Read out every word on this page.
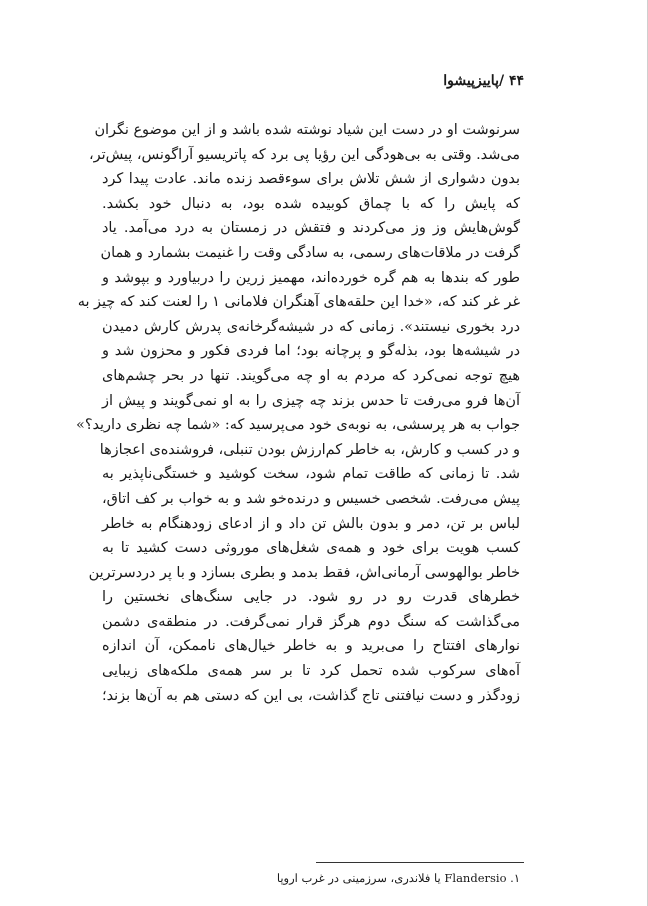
۴۴ /پاییزپیشوا
سرنوشت او در دست این شیاد نوشته شده باشد و از این موضوع نگران
می‌شد. وقتی به بی‌هودگی این رؤیا پی برد که پاتریسیو آراگونس، پیش‌تر،
بدون دشواری از شش تلاش برای سوءقصد زنده ماند. عادت پیدا کرد
که پایش را که با چماق کوبیده شده بود، به دنبال خود بکشد.
گوش‌هایش وز وز می‌کردند و فتقش در زمستان به درد می‌آمد. یاد
گرفت در ملاقات‌های رسمی، به سادگی وقت را غنیمت بشمارد و همان
طور که بندها به هم گره خورده‌اند، مهمیز زرین را دربیاورد و بپوشد و
غر غر کند که، «خدا این حلقه‌های آهنگران فلامانی ۱ را لعنت کند که چیز به
درد بخوری نیستند». زمانی که در شیشه‌گرخانه‌ی پدرش کارش دمیدن
در شیشه‌ها بود، بذله‌گو و پرچانه بود؛ اما فردی فکور و محزون شد و
هیچ توجه نمی‌کرد که مردم به او چه می‌گویند. تنها در بحر چشم‌های
آن‌ها فرو می‌رفت تا حدس بزند چه چیزی را به او نمی‌گویند و پیش از
جواب به هر پرسشی، به نوبه‌ی خود می‌پرسید که: «شما چه نظری دارید؟»
و در کسب و کارش، به خاطر کم‌ارزش بودن تنبلی، فروشنده‌ی اعجازها
شد. تا زمانی که طاقت تمام شود، سخت کوشید و خستگی‌ناپذیر به
پیش می‌رفت. شخصی خسیس و درنده‌خو شد و به خواب بر کف اتاق،
لباس بر تن، دمر و بدون بالش تن داد و از ادعای زودهنگام به خاطر
کسب هویت برای خود و همه‌ی شغل‌های موروثی دست کشید تا به
خاطر بوالهوسی آرمانی‌اش، فقط بدمد و بطری بسازد و با پر دردسرترین
خطرهای قدرت رو در رو شود. در جایی سنگ‌های نخستین را
می‌گذاشت که سنگ دوم هرگز قرار نمی‌گرفت. در منطقه‌ی دشمن
نوارهای افتتاح را می‌برید و به خاطر خیال‌های ناممکن، آن اندازه
آه‌های سرکوب شده تحمل کرد تا بر سر همه‌ی ملکه‌های زیبایی
زودگذر و دست نیافتنی تاج گذاشت، بی این که دستی هم به آن‌ها بزند؛
۱. Flandersio یا فلاندری، سرزمینی در غرب اروپا
